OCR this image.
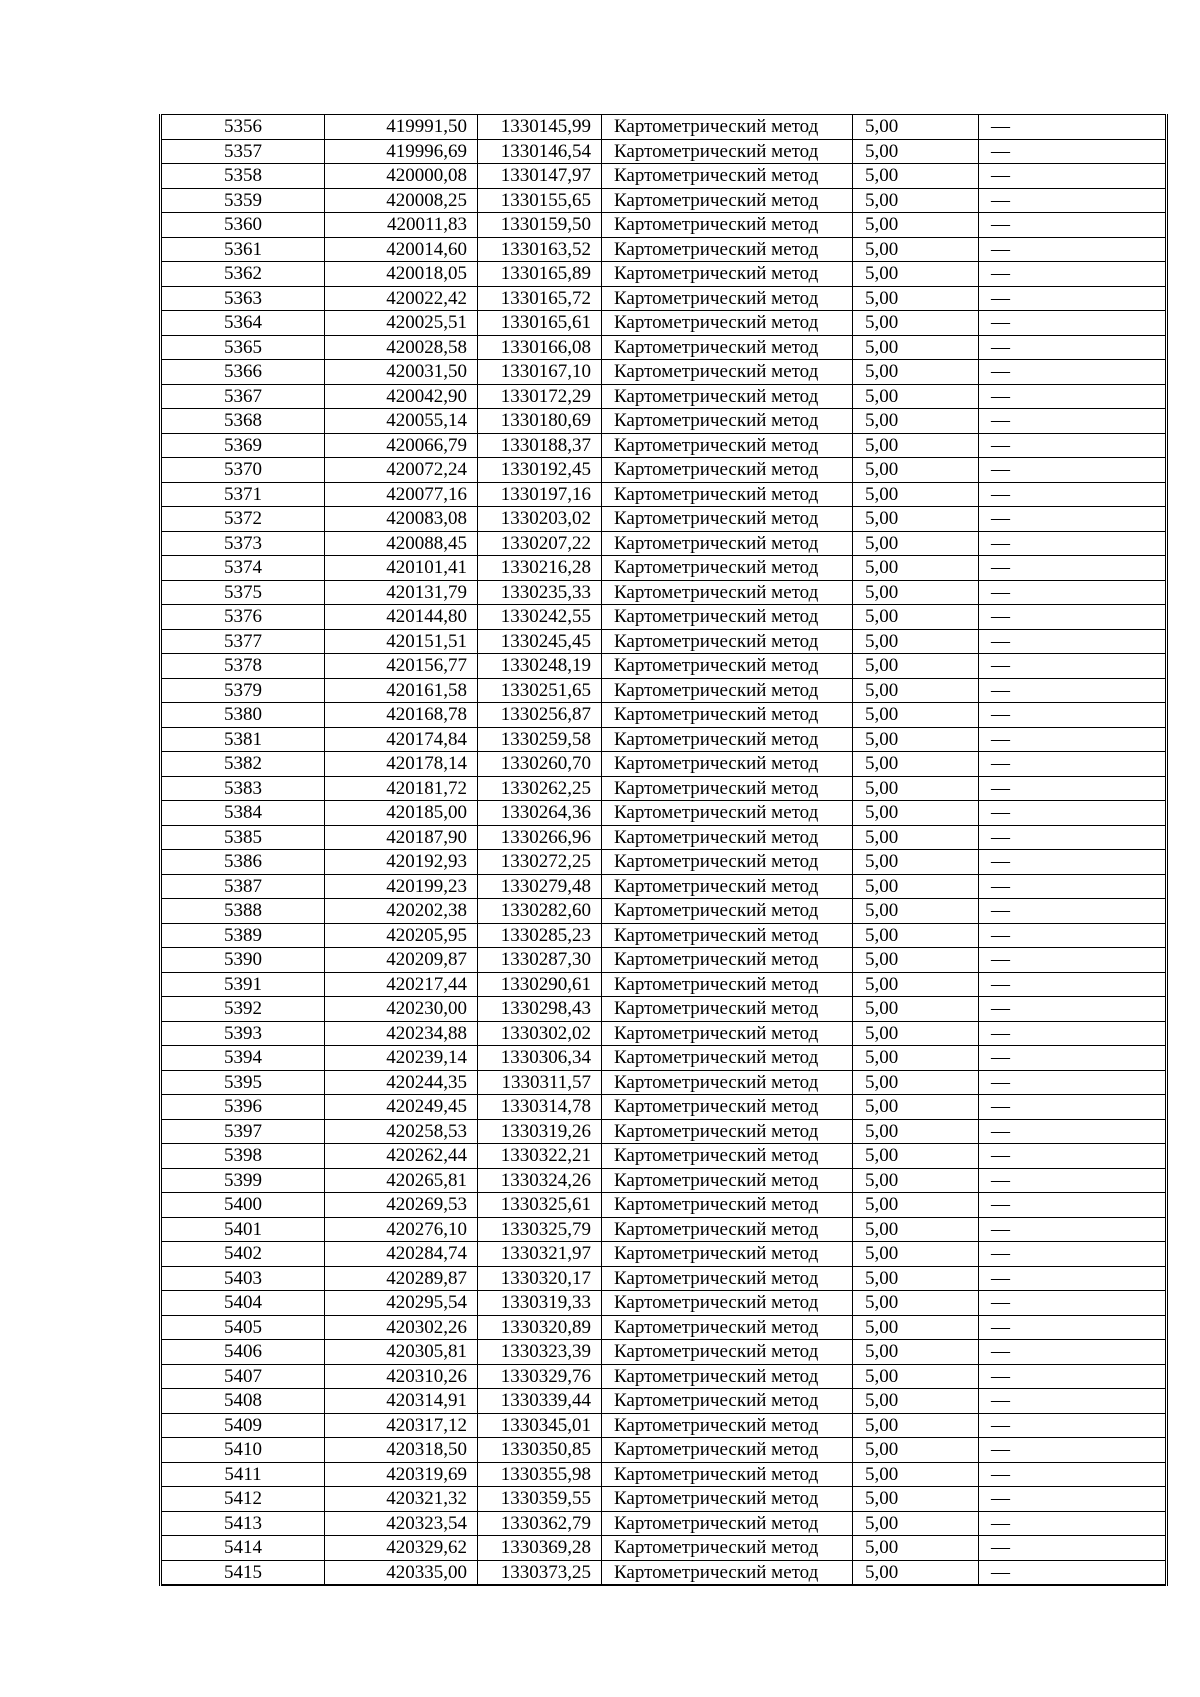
5356	419991,50	1330145,99	Картометрический метод	5,00	—
5357	419996,69	1330146,54	Картометрический метод	5,00	—
5358	420000,08	1330147,97	Картометрический метод	5,00	—
5359	420008,25	1330155,65	Картометрический метод	5,00	—
5360	420011,83	1330159,50	Картометрический метод	5,00	—
5361	420014,60	1330163,52	Картометрический метод	5,00	—
5362	420018,05	1330165,89	Картометрический метод	5,00	—
5363	420022,42	1330165,72	Картометрический метод	5,00	—
5364	420025,51	1330165,61	Картометрический метод	5,00	—
5365	420028,58	1330166,08	Картометрический метод	5,00	—
5366	420031,50	1330167,10	Картометрический метод	5,00	—
5367	420042,90	1330172,29	Картометрический метод	5,00	—
5368	420055,14	1330180,69	Картометрический метод	5,00	—
5369	420066,79	1330188,37	Картометрический метод	5,00	—
5370	420072,24	1330192,45	Картометрический метод	5,00	—
5371	420077,16	1330197,16	Картометрический метод	5,00	—
5372	420083,08	1330203,02	Картометрический метод	5,00	—
5373	420088,45	1330207,22	Картометрический метод	5,00	—
5374	420101,41	1330216,28	Картометрический метод	5,00	—
5375	420131,79	1330235,33	Картометрический метод	5,00	—
5376	420144,80	1330242,55	Картометрический метод	5,00	—
5377	420151,51	1330245,45	Картометрический метод	5,00	—
5378	420156,77	1330248,19	Картометрический метод	5,00	—
5379	420161,58	1330251,65	Картометрический метод	5,00	—
5380	420168,78	1330256,87	Картометрический метод	5,00	—
5381	420174,84	1330259,58	Картометрический метод	5,00	—
5382	420178,14	1330260,70	Картометрический метод	5,00	—
5383	420181,72	1330262,25	Картометрический метод	5,00	—
5384	420185,00	1330264,36	Картометрический метод	5,00	—
5385	420187,90	1330266,96	Картометрический метод	5,00	—
5386	420192,93	1330272,25	Картометрический метод	5,00	—
5387	420199,23	1330279,48	Картометрический метод	5,00	—
5388	420202,38	1330282,60	Картометрический метод	5,00	—
5389	420205,95	1330285,23	Картометрический метод	5,00	—
5390	420209,87	1330287,30	Картометрический метод	5,00	—
5391	420217,44	1330290,61	Картометрический метод	5,00	—
5392	420230,00	1330298,43	Картометрический метод	5,00	—
5393	420234,88	1330302,02	Картометрический метод	5,00	—
5394	420239,14	1330306,34	Картометрический метод	5,00	—
5395	420244,35	1330311,57	Картометрический метод	5,00	—
5396	420249,45	1330314,78	Картометрический метод	5,00	—
5397	420258,53	1330319,26	Картометрический метод	5,00	—
5398	420262,44	1330322,21	Картометрический метод	5,00	—
5399	420265,81	1330324,26	Картометрический метод	5,00	—
5400	420269,53	1330325,61	Картометрический метод	5,00	—
5401	420276,10	1330325,79	Картометрический метод	5,00	—
5402	420284,74	1330321,97	Картометрический метод	5,00	—
5403	420289,87	1330320,17	Картометрический метод	5,00	—
5404	420295,54	1330319,33	Картометрический метод	5,00	—
5405	420302,26	1330320,89	Картометрический метод	5,00	—
5406	420305,81	1330323,39	Картометрический метод	5,00	—
5407	420310,26	1330329,76	Картометрический метод	5,00	—
5408	420314,91	1330339,44	Картометрический метод	5,00	—
5409	420317,12	1330345,01	Картометрический метод	5,00	—
5410	420318,50	1330350,85	Картометрический метод	5,00	—
5411	420319,69	1330355,98	Картометрический метод	5,00	—
5412	420321,32	1330359,55	Картометрический метод	5,00	—
5413	420323,54	1330362,79	Картометрический метод	5,00	—
5414	420329,62	1330369,28	Картометрический метод	5,00	—
5415	420335,00	1330373,25	Картометрический метод	5,00	—
